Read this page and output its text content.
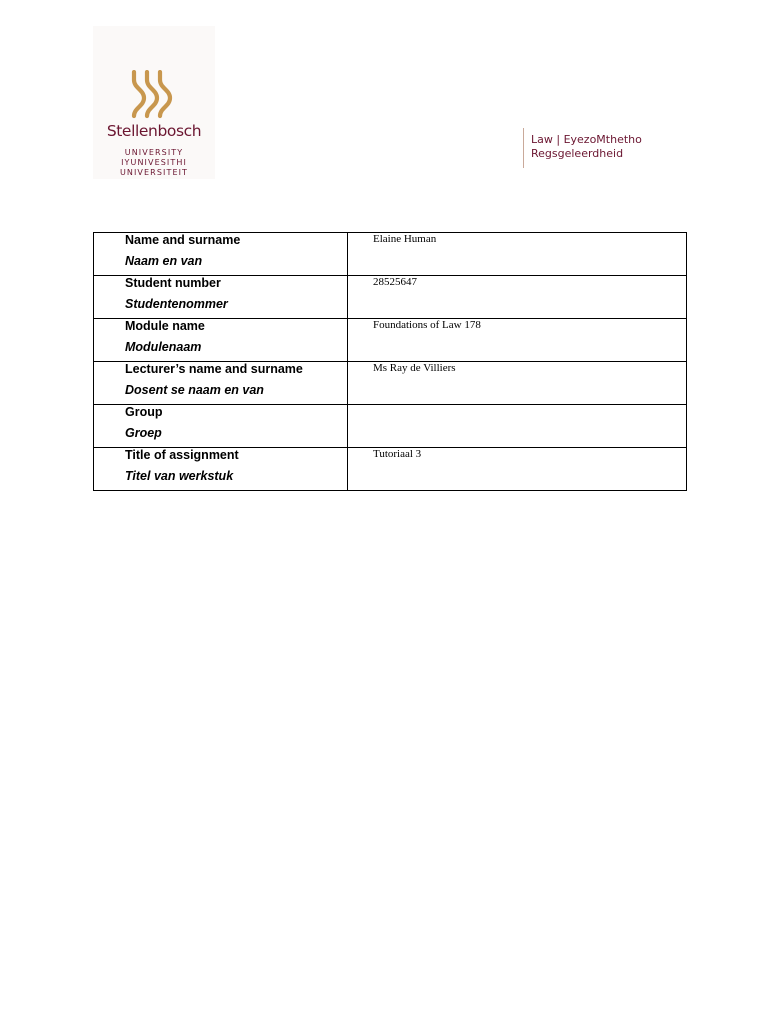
Stellenbosch
UNIVERSITY
IYUNIVESITHI
UNIVERSITEIT
Law | EyezoMthetho
Regsgeleerdheid
Name and surname
Naam en van	Elaine Human

Student number
Studentenommer	28525647

Module name
Modulenaam	Foundations of Law 178

Lecturer’s name and surname
Dosent se naam en van	Ms Ray de Villiers

Group
Groep	

Title of assignment
Titel van werkstuk	Tutoriaal 3
